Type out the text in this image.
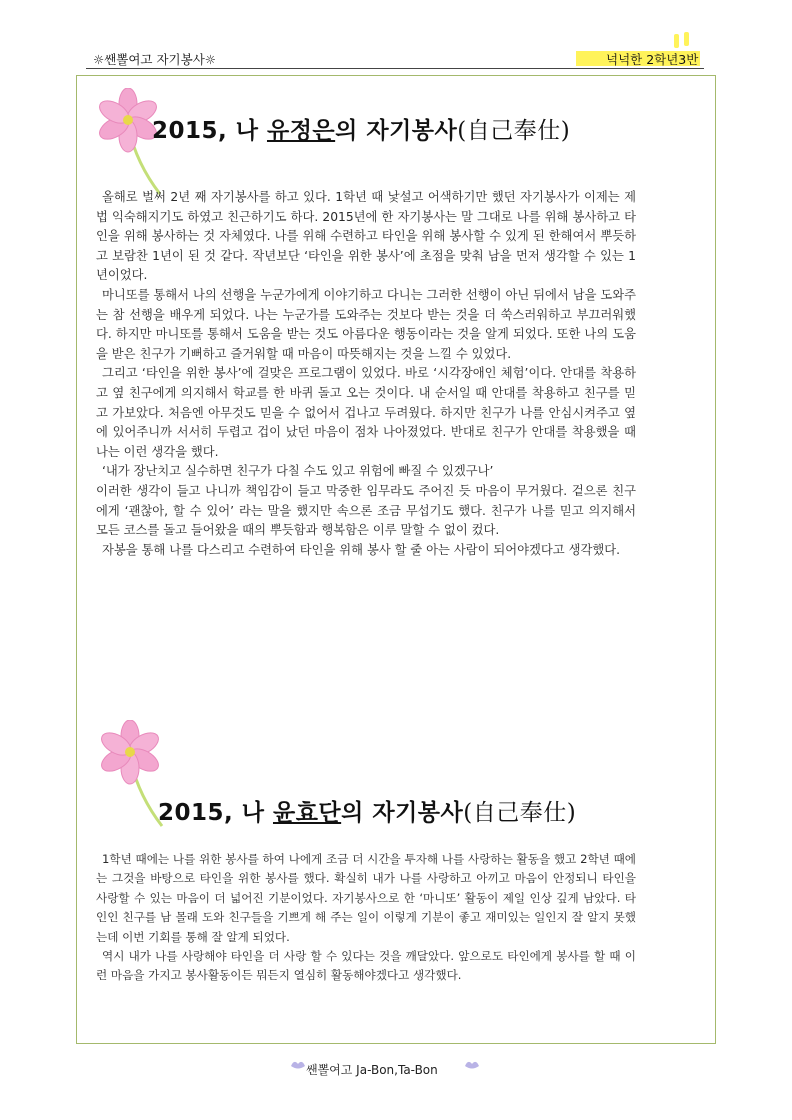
☼쌘뽈여고 자기봉사☼	넉넉한 2학년3반
2015, 나 유정은의 자기봉사(自己奉仕)

올해로 벌써 2년 째 자기봉사를 하고 있다. 1학년 때 낯설고 어색하기만 했던 자기봉사가 이제는 제법 익숙해지기도 하였고 친근하기도 하다. 2015년에 한 자기봉사는 말 그대로 나를 위해 봉사하고 타인을 위해 봉사하는 것 자체였다. 나를 위해 수련하고 타인을 위해 봉사할 수 있게 된 한해여서 뿌듯하고 보람찬 1년이 된 것 같다. 작년보단 ‘타인을 위한 봉사’에 초점을 맞춰 남을 먼저 생각할 수 있는 1년이었다.

마니또를 통해서 나의 선행을 누군가에게 이야기하고 다니는 그러한 선행이 아닌 뒤에서 남을 도와주는 참 선행을 배우게 되었다. 나는 누군가를 도와주는 것보다 받는 것을 더 쑥스러워하고 부끄러워했다. 하지만 마니또를 통해서 도움을 받는 것도 아름다운 행동이라는 것을 알게 되었다. 또한 나의 도움을 받은 친구가 기뻐하고 즐거워할 때 마음이 따뜻해지는 것을 느낄 수 있었다.

그리고 ‘타인을 위한 봉사’에 걸맞은 프로그램이 있었다. 바로 ‘시각장애인 체험’이다. 안대를 착용하고 옆 친구에게 의지해서 학교를 한 바퀴 돌고 오는 것이다. 내 순서일 때 안대를 착용하고 친구를 믿고 가보았다. 처음엔 아무것도 믿을 수 없어서 겁나고 두려웠다. 하지만 친구가 나를 안심시켜주고 옆에 있어주니까 서서히 두렵고 겁이 났던 마음이 점차 나아졌었다. 반대로 친구가 안대를 착용했을 때 나는 이런 생각을 했다.

‘내가 장난치고 실수하면 친구가 다칠 수도 있고 위험에 빠질 수 있겠구나’

이러한 생각이 들고 나니까 책임감이 들고 막중한 임무라도 주어진 듯 마음이 무거웠다. 겉으론 친구에게 ‘괜찮아, 할 수 있어’ 라는 말을 했지만 속으론 조금 무섭기도 했다. 친구가 나를 믿고 의지해서 모든 코스를 돌고 들어왔을 때의 뿌듯함과 행복함은 이루 말할 수 없이 컸다.

자봉을 통해 나를 다스리고 수련하여 타인을 위해 봉사 할 줄 아는 사람이 되어야겠다고 생각했다.

2015, 나 윤효단의 자기봉사(自己奉仕)

1학년 때에는 나를 위한 봉사를 하여 나에게 조금 더 시간을 투자해 나를 사랑하는 활동을 했고 2학년 때에는 그것을 바탕으로 타인을 위한 봉사를 했다. 확실히 내가 나를 사랑하고 아끼고 마음이 안정되니 타인을 사랑할 수 있는 마음이 더 넓어진 기분이었다. 자기봉사으로 한 ‘마니또’ 활동이 제일 인상 깊게 남았다. 타인인 친구를 남 몰래 도와 친구들을 기쁘게 해 주는 일이 이렇게 기분이 좋고 재미있는 일인지 잘 알지 못했는데 이번 기회를 통해 잘 알게 되었다.

역시 내가 나를 사랑해야 타인을 더 사랑 할 수 있다는 것을 깨달았다. 앞으로도 타인에게 봉사를 할 때 이런 마음을 가지고 봉사활동이든 뭐든지 열심히 활동해야겠다고 생각했다.

쌘뽈여고 Ja-Bon,Ta-Bon
